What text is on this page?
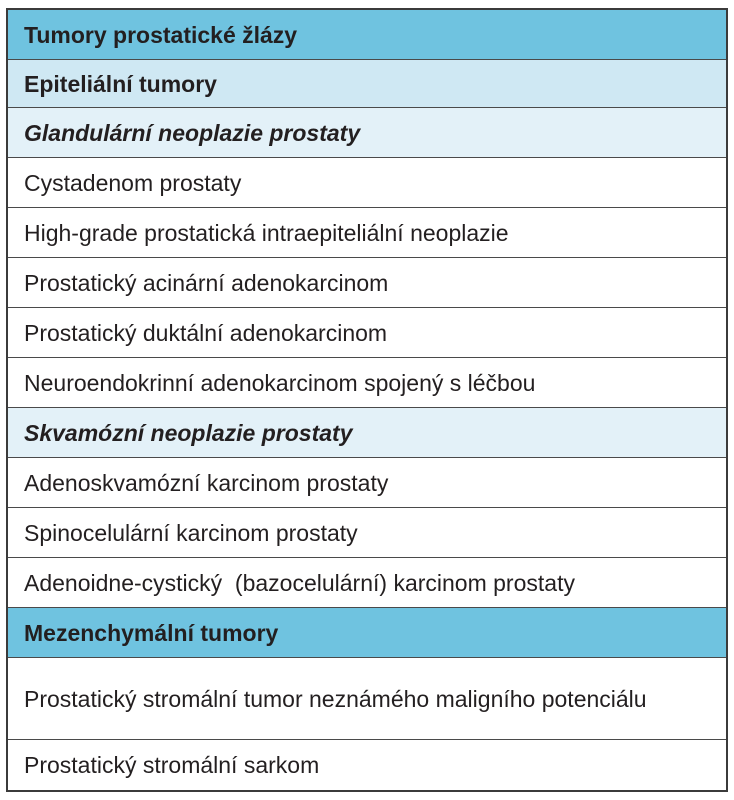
Tumory prostatické žlázy
Epiteliální tumory
Glandulární neoplazie prostaty
Cystadenom prostaty
High-grade prostatická intraepiteliální neoplazie
Prostatický acinární adenokarcinom
Prostatický duktální adenokarcinom
Neuroendokrinní adenokarcinom spojený s léčbou
Skvamózní neoplazie prostaty
Adenoskvamózní karcinom prostaty
Spinocelulární karcinom prostaty
Adenoidne-cystický  (bazocelulární) karcinom prostaty
Mezenchymální tumory
Prostatický stromální tumor neznámého maligního potenciálu
Prostatický stromální sarkom
